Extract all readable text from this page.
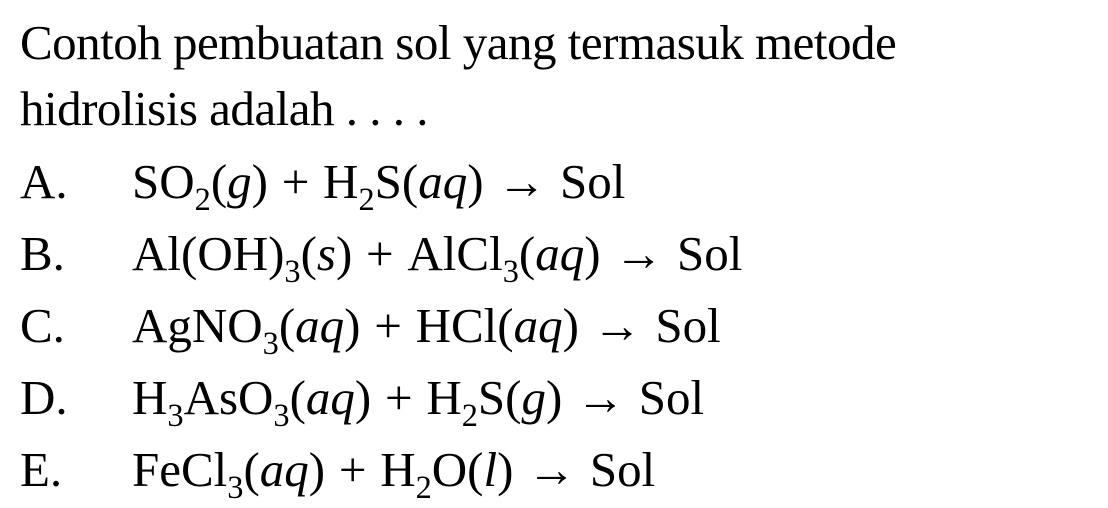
Contoh pembuatan sol yang termasuk metode
hidrolisis adalah . . . .
A.	$SO_2(g) + H_2S(aq)$ → Sol
B.	$Al(OH)_3(s)$ + AlCl$_3$(aq) → Sol
C.	AgNO$_3$(aq) + HCl(aq) → Sol
D.	$H_3AsO_3(aq) + H_2S(g)$ → Sol
E.	FeCl$_3$(aq) + $H_2O(l)$ → Sol
